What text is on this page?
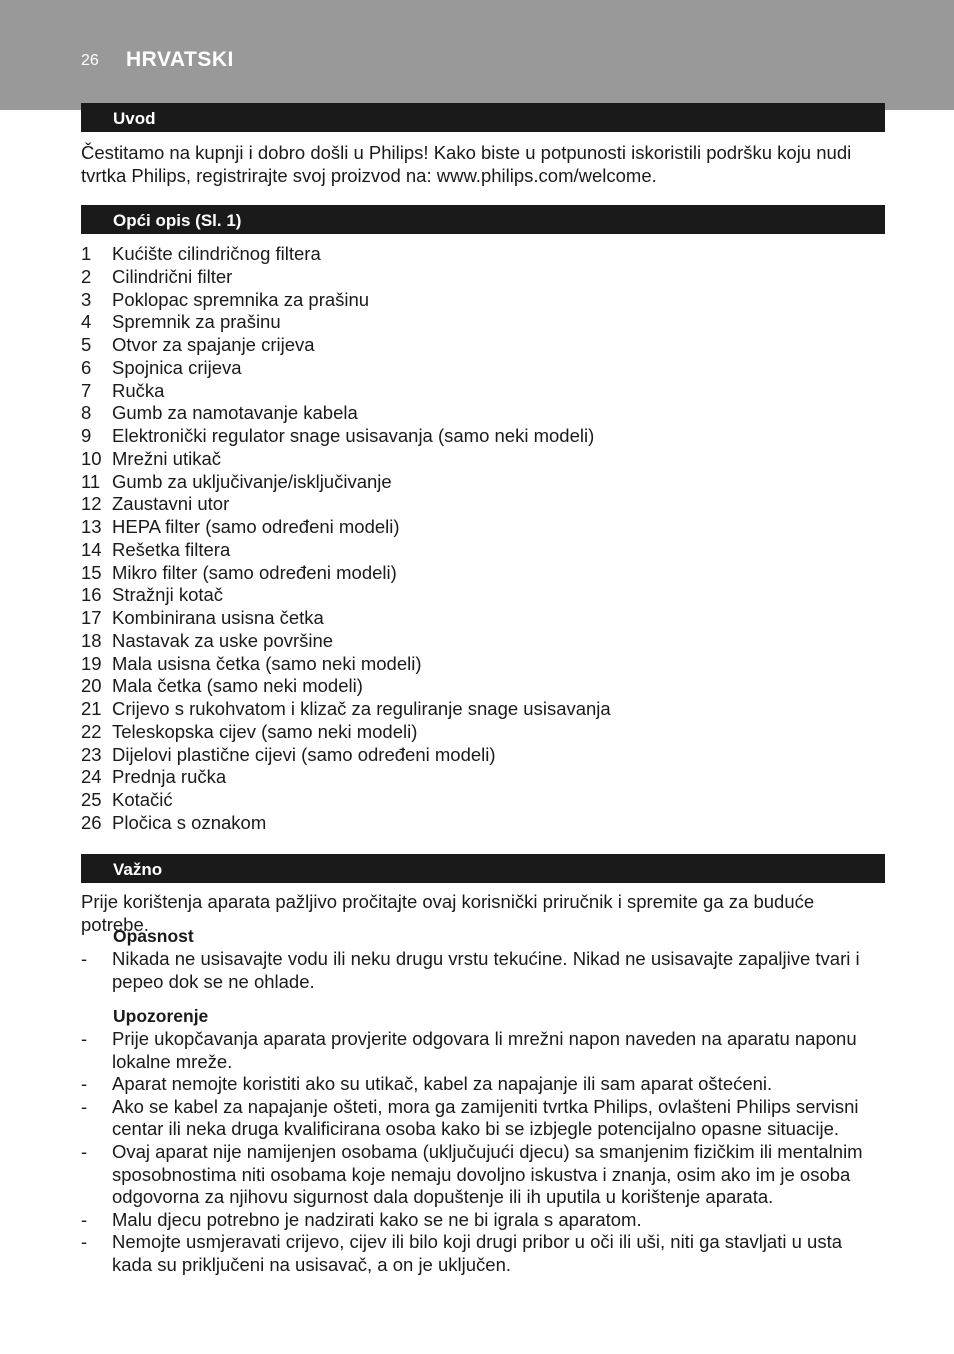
26 HRVATSKI
Uvod

Čestitamo na kupnji i dobro došli u Philips! Kako biste u potpunosti iskoristili podršku koju nudi tvrtka Philips, registrirajte svoj proizvod na: www.philips.com/welcome.

Opći opis (Sl. 1)
1	Kućište cilindričnog filtera
2	Cilindrični filter
3	Poklopac spremnika za prašinu
4	Spremnik za prašinu
5	Otvor za spajanje crijeva
6	Spojnica crijeva
7	Ručka
8	Gumb za namotavanje kabela
9	Elektronički regulator snage usisavanja (samo neki modeli)
10 Mrežni utikač
11 Gumb za uključivanje/isključivanje
12 Zaustavni utor
13 HEPA filter (samo određeni modeli)
14 Rešetka filtera
15 Mikro filter (samo određeni modeli)
16 Stražnji kotač
17 Kombinirana usisna četka
18 Nastavak za uske površine
19 Mala usisna četka (samo neki modeli)
20 Mala četka (samo neki modeli)
21 Crijevo s rukohvatom i klizač za reguliranje snage usisavanja
22 Teleskopska cijev (samo neki modeli)
23 Dijelovi plastične cijevi (samo određeni modeli)
24 Prednja ručka
25 Kotačić
26 Pločica s oznakom
Važno

Prije korištenja aparata pažljivo pročitajte ovaj korisnički priručnik i spremite ga za buduće potrebe.

Opasnost

- Nikada ne usisavajte vodu ili neku drugu vrstu tekućine. Nikad ne usisavajte zapaljive tvari i pepeo dok se ne ohlade.

Upozorenje

- Prije ukopčavanja aparata provjerite odgovara li mrežni napon naveden na aparatu naponu lokalne mreže.
- Aparat nemojte koristiti ako su utikač, kabel za napajanje ili sam aparat oštećeni.
- Ako se kabel za napajanje ošteti, mora ga zamijeniti tvrtka Philips, ovlašteni Philips servisni centar ili neka druga kvalificirana osoba kako bi se izbjegle potencijalno opasne situacije.
- Ovaj aparat nije namijenjen osobama (uključujući djecu) sa smanjenim fizičkim ili mentalnim sposobnostima niti osobama koje nemaju dovoljno iskustva i znanja, osim ako im je osoba odgovorna za njihovu sigurnost dala dopuštenje ili ih uputila u korištenje aparata.
- Malu djecu potrebno je nadzirati kako se ne bi igrala s aparatom.
- Nemojte usmjeravati crijevo, cijev ili bilo koji drugi pribor u oči ili uši, niti ga stavljati u usta kada su priključeni na usisavač, a on je uključen.
